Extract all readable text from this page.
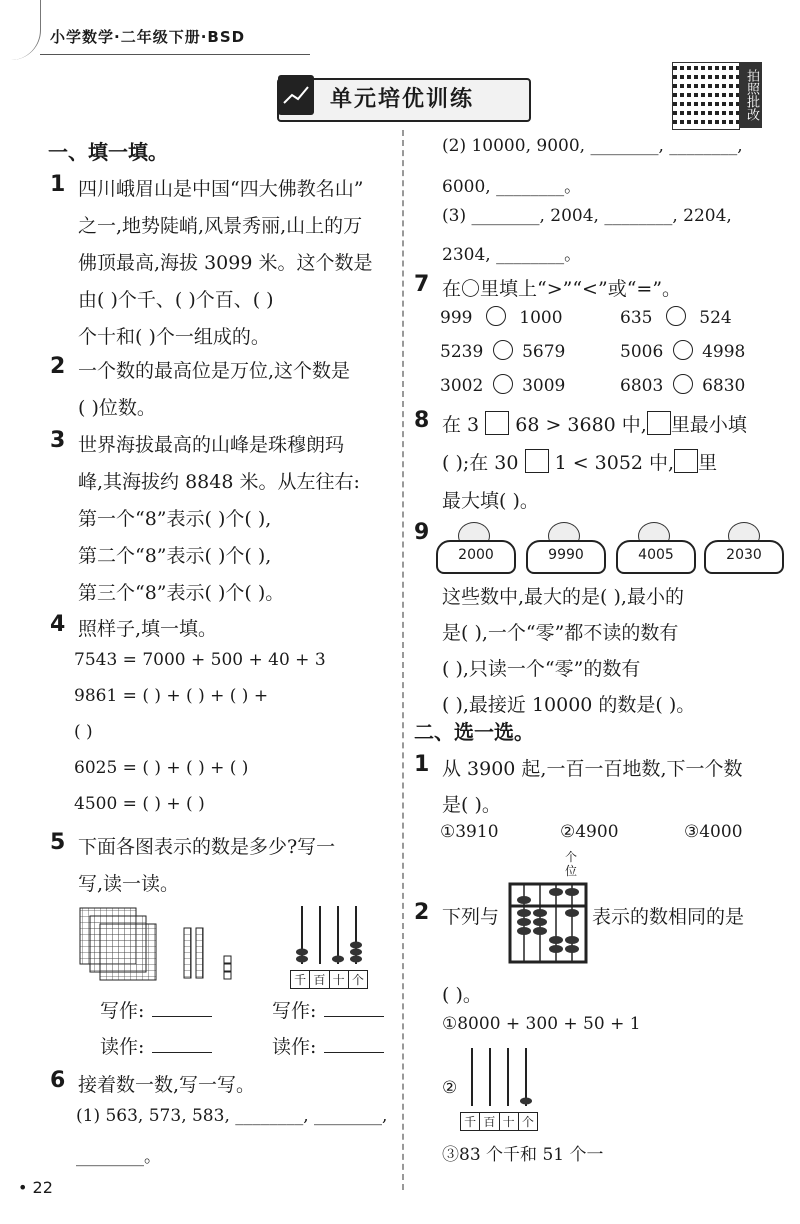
小学数学·二年级下册·BSD
单元培优训练	拍照批改
一、填一填。
1 四川峨眉山是中国“四大佛教名山”
之一,地势陡峭,风景秀丽,山上的万
佛顶最高,海拔 3099 米。这个数是
由( )个千、( )个百、( )
个十和( )个一组成的。
2 一个数的最高位是万位,这个数是
( )位数。
3 世界海拔最高的山峰是珠穆朗玛
峰,其海拔约 8848 米。从左往右:
第一个“8”表示( )个( ),
第二个“8”表示( )个( ),
第三个“8”表示( )个( )。
4 照样子,填一填。
7543 = 7000 + 500 + 40 + 3
9861 = ( ) + ( ) + ( ) +
( )
6025 = ( ) + ( ) + ( )
4500 = ( ) + ( )
5 下面各图表示的数是多少?写一
写,读一读。
千 百 十 个
写作:	写作:
读作:	读作:
6 接着数一数,写一写。
(1) 563, 573, 583, ________, ________,
________。
• 22
(2) 10000, 9000, ________, ________,
6000, ________。
(3) ________, 2004, ________, 2204,
2304, ________。
7 在〇里填上“>”“<”或“=”。
999	1000	635	524
5239 5679	5006 4998
3002 3009	6803 6830
8 在 3 68 > 3680 中, 里最小填
( );在 30 1 < 3052 中, 里
最大填( )。
9
2000	9990	4005	2030
这些数中,最大的是( ),最小的
是( ),一个“零”都不读的数有
( ),只读一个“零”的数有
( ),最接近 10000 的数是( )。
二、选一选。
1 从 3900 起,一百一百地数,下一个数
是( )。
①3910	②4900	③4000
2 下列与
个位
表示的数相同的是
( )。
①8000 + 300 + 50 + 1
②
千 百 十 个
③83 个千和 51 个一
